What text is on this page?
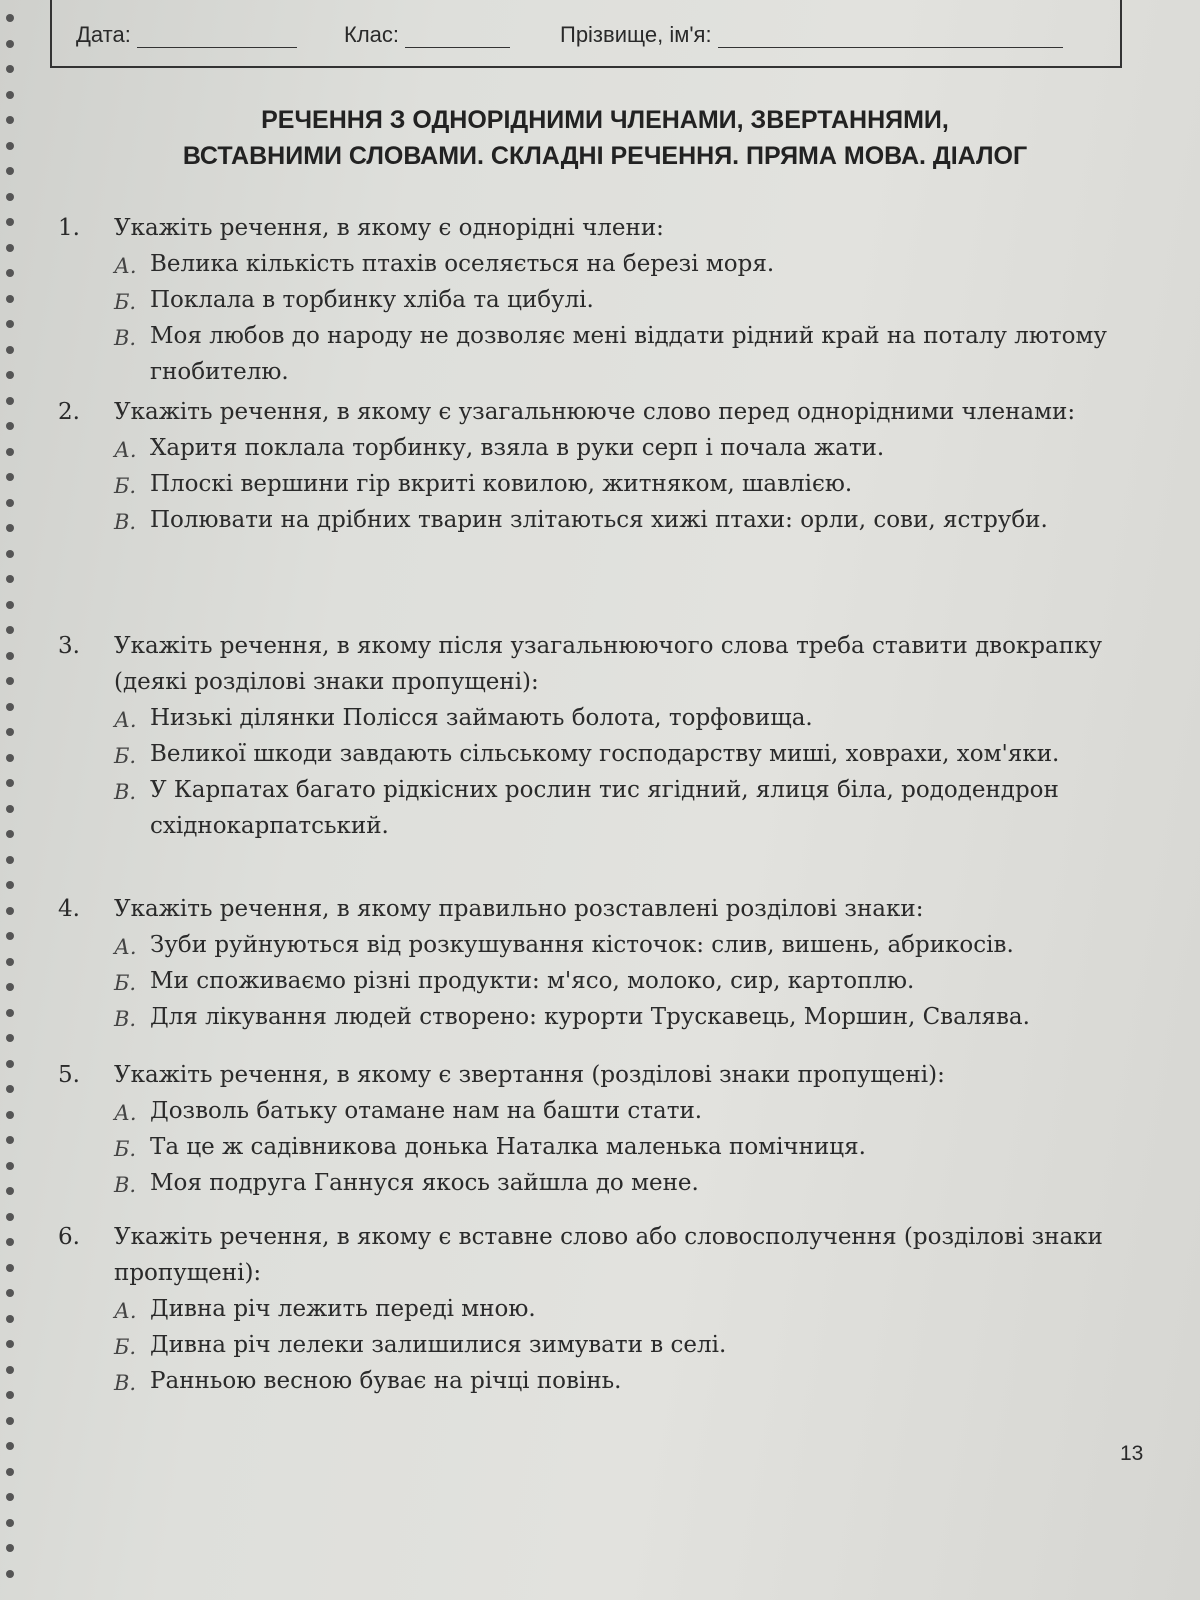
Дата:	Клас:	Прізвище, ім'я:
РЕЧЕННЯ З ОДНОРІДНИМИ ЧЛЕНАМИ, ЗВЕРТАННЯМИ,
ВСТАВНИМИ СЛОВАМИ. СКЛАДНІ РЕЧЕННЯ. ПРЯМА МОВА. ДІАЛОГ
1. Укажіть речення, в якому є однорідні члени:
А. Велика кількість птахів оселяється на березі моря.
Б. Поклала в торбинку хліба та цибулі.
В. Моя любов до народу не дозволяє мені віддати рідний край на поталу лютому гнобителю.
2. Укажіть речення, в якому є узагальнююче слово перед однорідними членами:
А. Харитя поклала торбинку, взяла в руки серп і почала жати.
Б. Плоскі вершини гір вкриті ковилою, житняком, шавлією.
В. Полювати на дрібних тварин злітаються хижі птахи: орли, сови, яструби.
3. Укажіть речення, в якому після узагальнюючого слова треба ставити двокрапку (деякі розділові знаки пропущені):
А. Низькі ділянки Полісся займають болота, торфовища.
Б. Великої шкоди завдають сільському господарству миші, ховрахи, хом'яки.
В. У Карпатах багато рідкісних рослин тис ягідний, ялиця біла, рододендрон східнокарпатський.
4. Укажіть речення, в якому правильно розставлені розділові знаки:
А. Зуби руйнуються від розкушування кісточок: слив, вишень, абрикосів.
Б. Ми споживаємо різні продукти: м'ясо, молоко, сир, картоплю.
В. Для лікування людей створено: курорти Трускавець, Моршин, Свалява.
5. Укажіть речення, в якому є звертання (розділові знаки пропущені):
А. Дозволь батьку отамане нам на башти стати.
Б. Та це ж садівникова донька Наталка маленька помічниця.
В. Моя подруга Ганнуся якось зайшла до мене.
6. Укажіть речення, в якому є вставне слово або словосполучення (розділові знаки пропущені):
А. Дивна річ лежить переді мною.
Б. Дивна річ лелеки залишилися зимувати в селі.
В. Ранньою весною буває на річці повінь.
13
